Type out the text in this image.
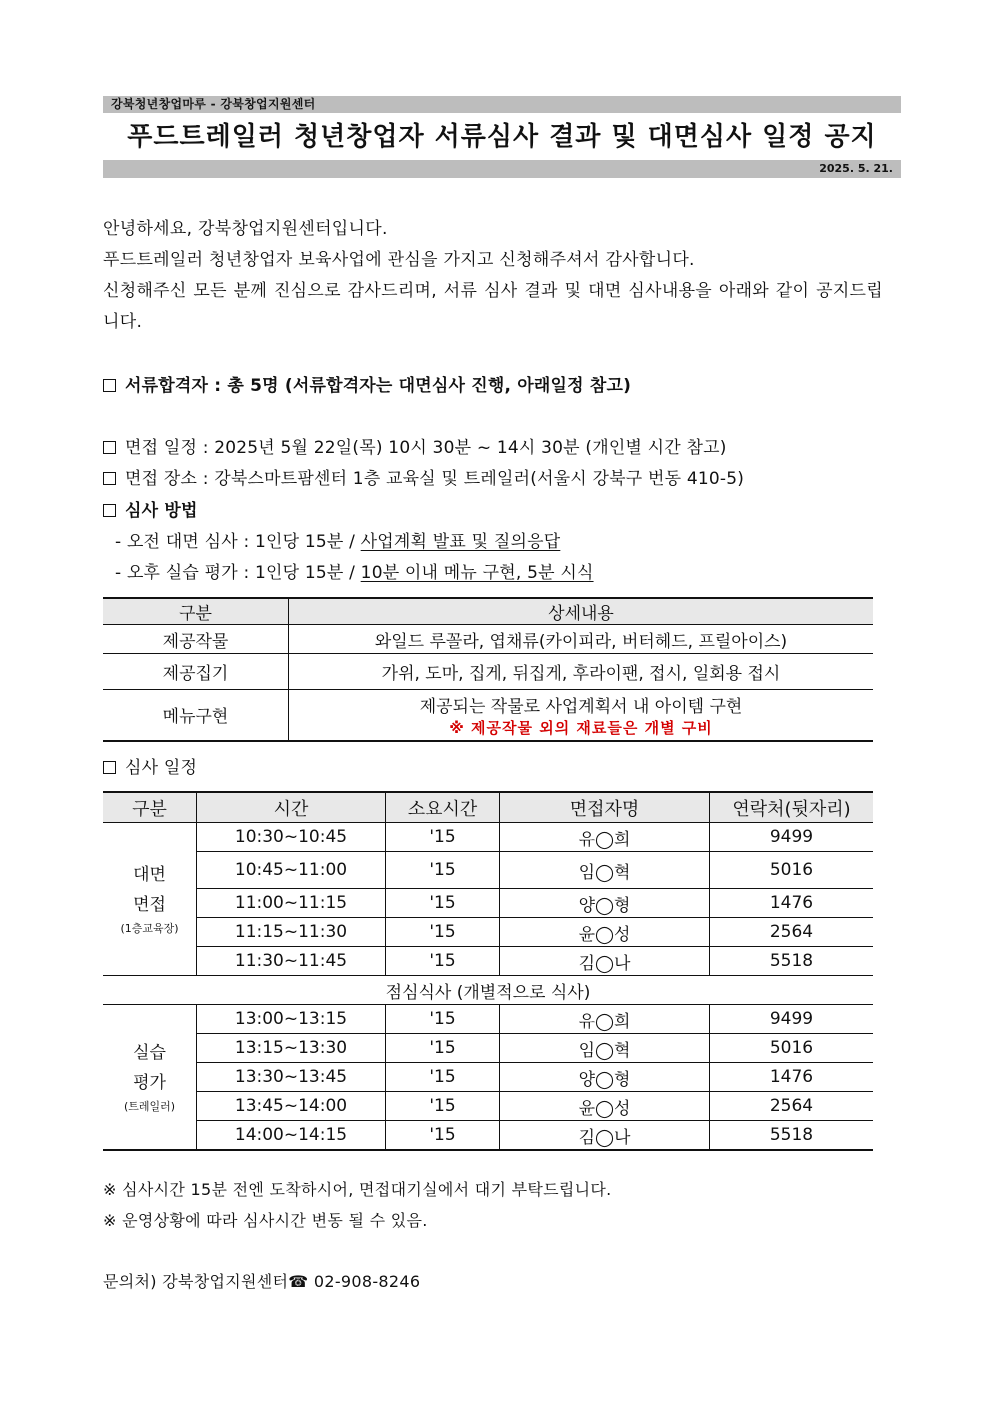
강북청년창업마루 - 강북창업지원센터
푸드트레일러 청년창업자 서류심사 결과 및 대면심사 일정 공지
2025. 5. 21.
안녕하세요, 강북창업지원센터입니다.
푸드트레일러 청년창업자 보육사업에 관심을 가지고 신청해주셔서 감사합니다.
신청해주신 모든 분께 진심으로 감사드리며, 서류 심사 결과 및 대면 심사내용을 아래와 같이 공지드립니다.
서류합격자 : 총 5명 (서류합격자는 대면심사 진행, 아래일정 참고)
면접 일정 : 2025년 5월 22일(목) 10시 30분 ~ 14시 30분 (개인별 시간 참고)
면접 장소 : 강북스마트팜센터 1층 교육실 및 트레일러(서울시 강북구 번동 410-5)
심사 방법
- 오전 대면 심사 : 1인당 15분 / 사업계획 발표 및 질의응답
- 오후 실습 평가 : 1인당 15분 / 10분 이내 메뉴 구현, 5분 시식
구분	상세내용
제공작물	와일드 루꼴라, 엽채류(카이피라, 버터헤드, 프릴아이스)
제공집기	가위, 도마, 집게, 뒤집게, 후라이팬, 접시, 일회용 접시
메뉴구현	제공되는 작물로 사업계획서 내 아이템 구현
※ 제공작물 외의 재료들은 개별 구비
심사 일정
구분	시간	소요시간	면접자명	연락처(뒷자리)

대면
면접
(1층교육장)	10:30~10:45	'15	유◯희	9499
	10:45~11:00	'15	임◯혁	5016
	11:00~11:15	'15	양◯형	1476
	11:15~11:30	'15	윤◯성	2564
	11:30~11:45	'15	김◯나	5518
점심식사 (개별적으로 식사)				

실습
평가
(트레일러)	13:00~13:15	'15	유◯희	9499
	13:15~13:30	'15	임◯혁	5016
	13:30~13:45	'15	양◯형	1476
	13:45~14:00	'15	윤◯성	2564
	14:00~14:15	'15	김◯나	5518
※ 심사시간 15분 전엔 도착하시어, 면접대기실에서 대기 부탁드립니다.
※ 운영상황에 따라 심사시간 변동 될 수 있음.
문의처) 강북창업지원센터☎ 02-908-8246
